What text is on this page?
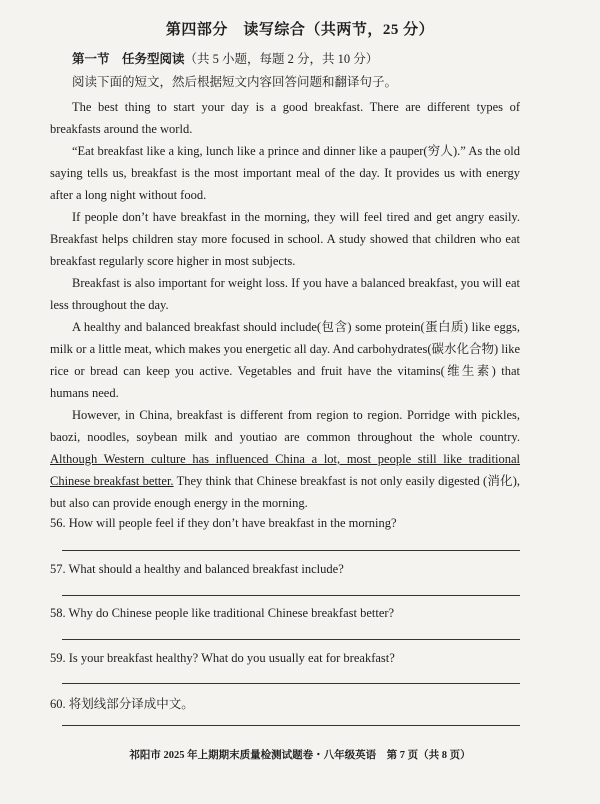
第四部分　读写综合（共两节，25 分）
第一节　任务型阅读（共 5 小题，每题 2 分，共 10 分）
阅读下面的短文，然后根据短文内容回答问题和翻译句子。
The best thing to start your day is a good breakfast. There are different types of breakfasts around the world.
“Eat breakfast like a king, lunch like a prince and dinner like a pauper(穷人).” As the old saying tells us, breakfast is the most important meal of the day. It provides us with energy after a long night without food.
If people don’t have breakfast in the morning, they will feel tired and get angry easily. Breakfast helps children stay more focused in school. A study showed that children who eat breakfast regularly score higher in most subjects.
Breakfast is also important for weight loss. If you have a balanced breakfast, you will eat less throughout the day.
A healthy and balanced breakfast should include(包含) some protein(蛋白质) like eggs, milk or a little meat, which makes you energetic all day. And carbohydrates(碳水化合物) like rice or bread can keep you active. Vegetables and fruit have the vitamins(维生素) that humans need.
However, in China, breakfast is different from region to region. Porridge with pickles, baozi, noodles, soybean milk and youtiao are common throughout the whole country. Although Western culture has influenced China a lot, most people still like traditional Chinese breakfast better. They think that Chinese breakfast is not only easily digested (消化), but also can provide enough energy in the morning.
56. How will people feel if they don’t have breakfast in the morning?
57. What should a healthy and balanced breakfast include?
58. Why do Chinese people like traditional Chinese breakfast better?
59. Is your breakfast healthy? What do you usually eat for breakfast?
60. 将划线部分译成中文。
祁阳市 2025 年上期期末质量检测试题卷・八年级英语　第 7 页（共 8 页）
